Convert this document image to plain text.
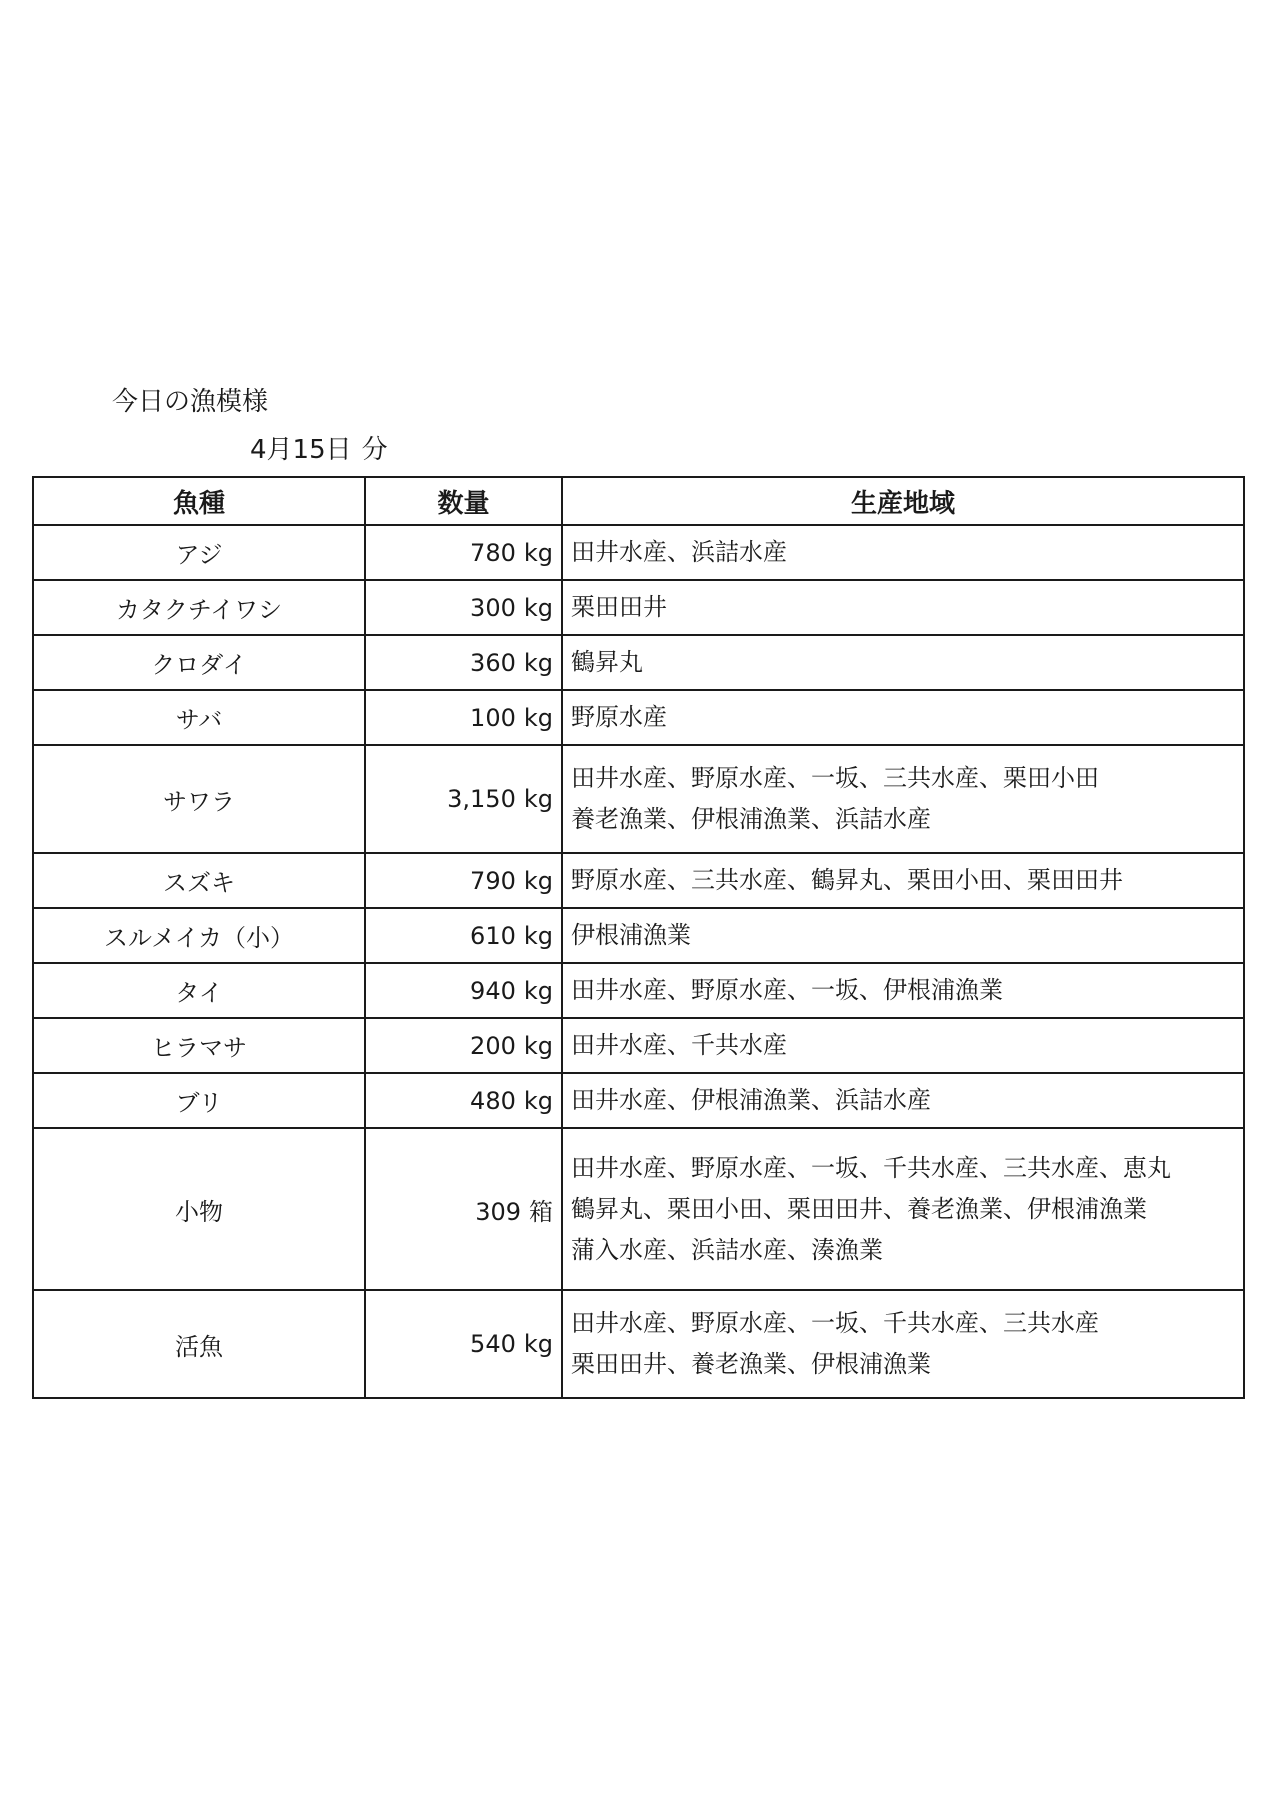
今日の漁模様
4月15日 分
魚種	数量	生産地域
アジ	780 kg	田井水産、浜詰水産

カタクチイワシ	300 kg	栗田田井

クロダイ	360 kg	鶴昇丸

サバ	100 kg	野原水産

サワラ	3,150 kg	田井水産、野原水産、一坂、三共水産、栗田小田
養老漁業、伊根浦漁業、浜詰水産

スズキ	790 kg	野原水産、三共水産、鶴昇丸、栗田小田、栗田田井

スルメイカ（小）	610 kg	伊根浦漁業

タイ	940 kg	田井水産、野原水産、一坂、伊根浦漁業

ヒラマサ	200 kg	田井水産、千共水産

ブリ	480 kg	田井水産、伊根浦漁業、浜詰水産

小物	309 箱	田井水産、野原水産、一坂、千共水産、三共水産、恵丸
鶴昇丸、栗田小田、栗田田井、養老漁業、伊根浦漁業
蒲入水産、浜詰水産、湊漁業

活魚	540 kg	田井水産、野原水産、一坂、千共水産、三共水産
栗田田井、養老漁業、伊根浦漁業
